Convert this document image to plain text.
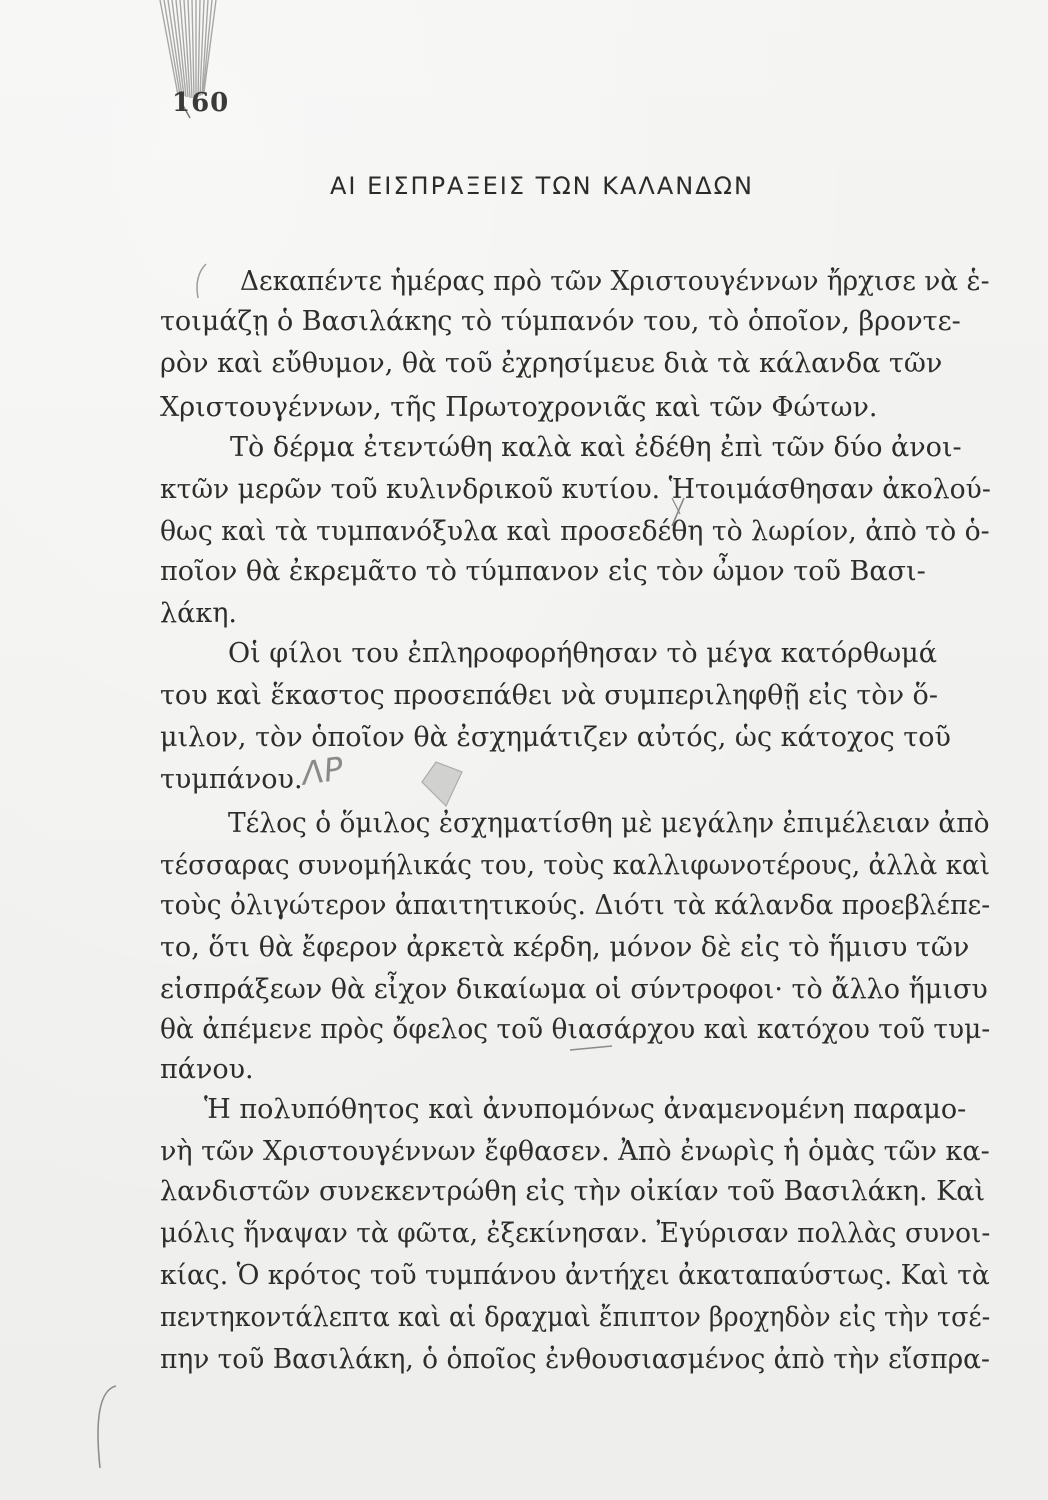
160
ΑΙ ΕΙΣΠΡΑΞΕΙΣ ΤΩΝ ΚΑΛΑΝΔΩΝ
ΛΡ
Δεκαπέντε ἡμέρας πρὸ τῶν Χριστουγέννων ἤρχισε νὰ ἑ-
τοιμάζῃ ὁ Βασιλάκης τὸ τύμπανόν του, τὸ ὁποῖον, βροντε-
ρὸν καὶ εὔθυμον, θὰ τοῦ ἐχρησίμευε διὰ τὰ κάλανδα τῶν
Χριστουγέννων, τῆς Πρωτοχρονιᾶς καὶ τῶν Φώτων.
Τὸ δέρμα ἐτεντώθη καλὰ καὶ ἐδέθη ἐπὶ τῶν δύο ἀνοι-
κτῶν μερῶν τοῦ κυλινδρικοῦ κυτίου. Ἡτοιμάσθησαν ἀκολού-
θως καὶ τὰ τυμπανόξυλα καὶ προσεδέθη τὸ λωρίον, ἀπὸ τὸ ὁ-
ποῖον θὰ ἐκρεμᾶτο τὸ τύμπανον εἰς τὸν ὦμον τοῦ Βασι-
λάκη.
Οἱ φίλοι του ἐπληροφορήθησαν τὸ μέγα κατόρθωμά
του καὶ ἕκαστος προσεπάθει νὰ συμπεριληφθῇ εἰς τὸν ὅ-
μιλον, τὸν ὁποῖον θὰ ἐσχημάτιζεν αὐτός, ὡς κάτοχος τοῦ
τυμπάνου.
Τέλος ὁ ὅμιλος ἐσχηματίσθη μὲ μεγάλην ἐπιμέλειαν ἀπὸ
τέσσαρας συνομήλικάς του, τοὺς καλλιφωνοτέρους, ἀλλὰ καὶ
τοὺς ὀλιγώτερον ἀπαιτητικούς. Διότι τὰ κάλανδα προεβλέπε-
το, ὅτι θὰ ἔφερον ἀρκετὰ κέρδη, μόνον δὲ εἰς τὸ ἥμισυ τῶν
εἰσπράξεων θὰ εἶχον δικαίωμα οἱ σύντροφοι· τὸ ἄλλο ἥμισυ
θὰ ἀπέμενε πρὸς ὄφελος τοῦ θιασάρχου καὶ κατόχου τοῦ τυμ-
πάνου.
Ἡ πολυπόθητος καὶ ἀνυπομόνως ἀναμενομένη παραμο-
νὴ τῶν Χριστουγέννων ἔφθασεν. Ἀπὸ ἐνωρὶς ἡ ὁμὰς τῶν κα-
λανδιστῶν συνεκεντρώθη εἰς τὴν οἰκίαν τοῦ Βασιλάκη. Καὶ
μόλις ἥναψαν τὰ φῶτα, ἐξεκίνησαν. Ἐγύρισαν πολλὰς συνοι-
κίας. Ὁ κρότος τοῦ τυμπάνου ἀντήχει ἀκαταπαύστως. Καὶ τὰ
πεντηκοντάλεπτα καὶ αἱ δραχμαὶ ἔπιπτον βροχηδὸν εἰς τὴν τσέ-
πην τοῦ Βασιλάκη, ὁ ὁποῖος ἐνθουσιασμένος ἀπὸ τὴν εἴσπρα-
